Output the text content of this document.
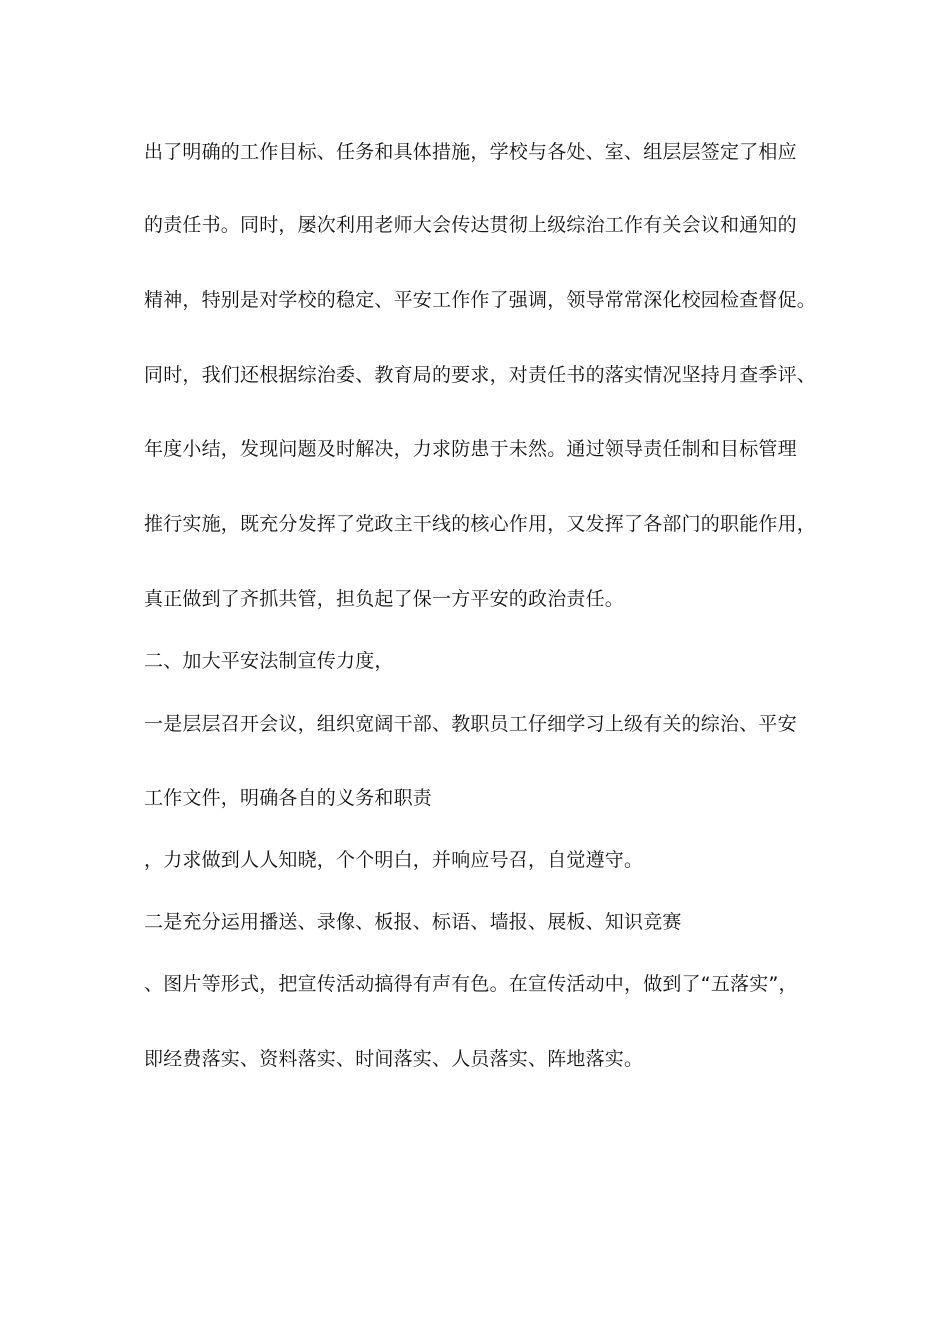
出了明确的工作目标、任务和具体措施，学校与各处、室、组层层签定了相应
的责任书。同时，屡次利用老师大会传达贯彻上级综治工作有关会议和通知的
精神，特别是对学校的稳定、平安工作作了强调，领导常常深化校园检查督促。
同时，我们还根据综治委、教育局的要求，对责任书的落实情况坚持月查季评、
年度小结，发现问题及时解决，力求防患于未然。通过领导责任制和目标管理
推行实施，既充分发挥了党政主干线的核心作用，又发挥了各部门的职能作用，
真正做到了齐抓共管，担负起了保一方平安的政治责任。
二、加大平安法制宣传力度，
一是层层召开会议，组织宽阔干部、教职员工仔细学习上级有关的综治、平安
工作文件，明确各自的义务和职责
，力求做到人人知晓，个个明白，并响应号召，自觉遵守。
二是充分运用播送、录像、板报、标语、墙报、展板、知识竞赛
、图片等形式，把宣传活动搞得有声有色。在宣传活动中，做到了“五落实”，
即经费落实、资料落实、时间落实、人员落实、阵地落实。
